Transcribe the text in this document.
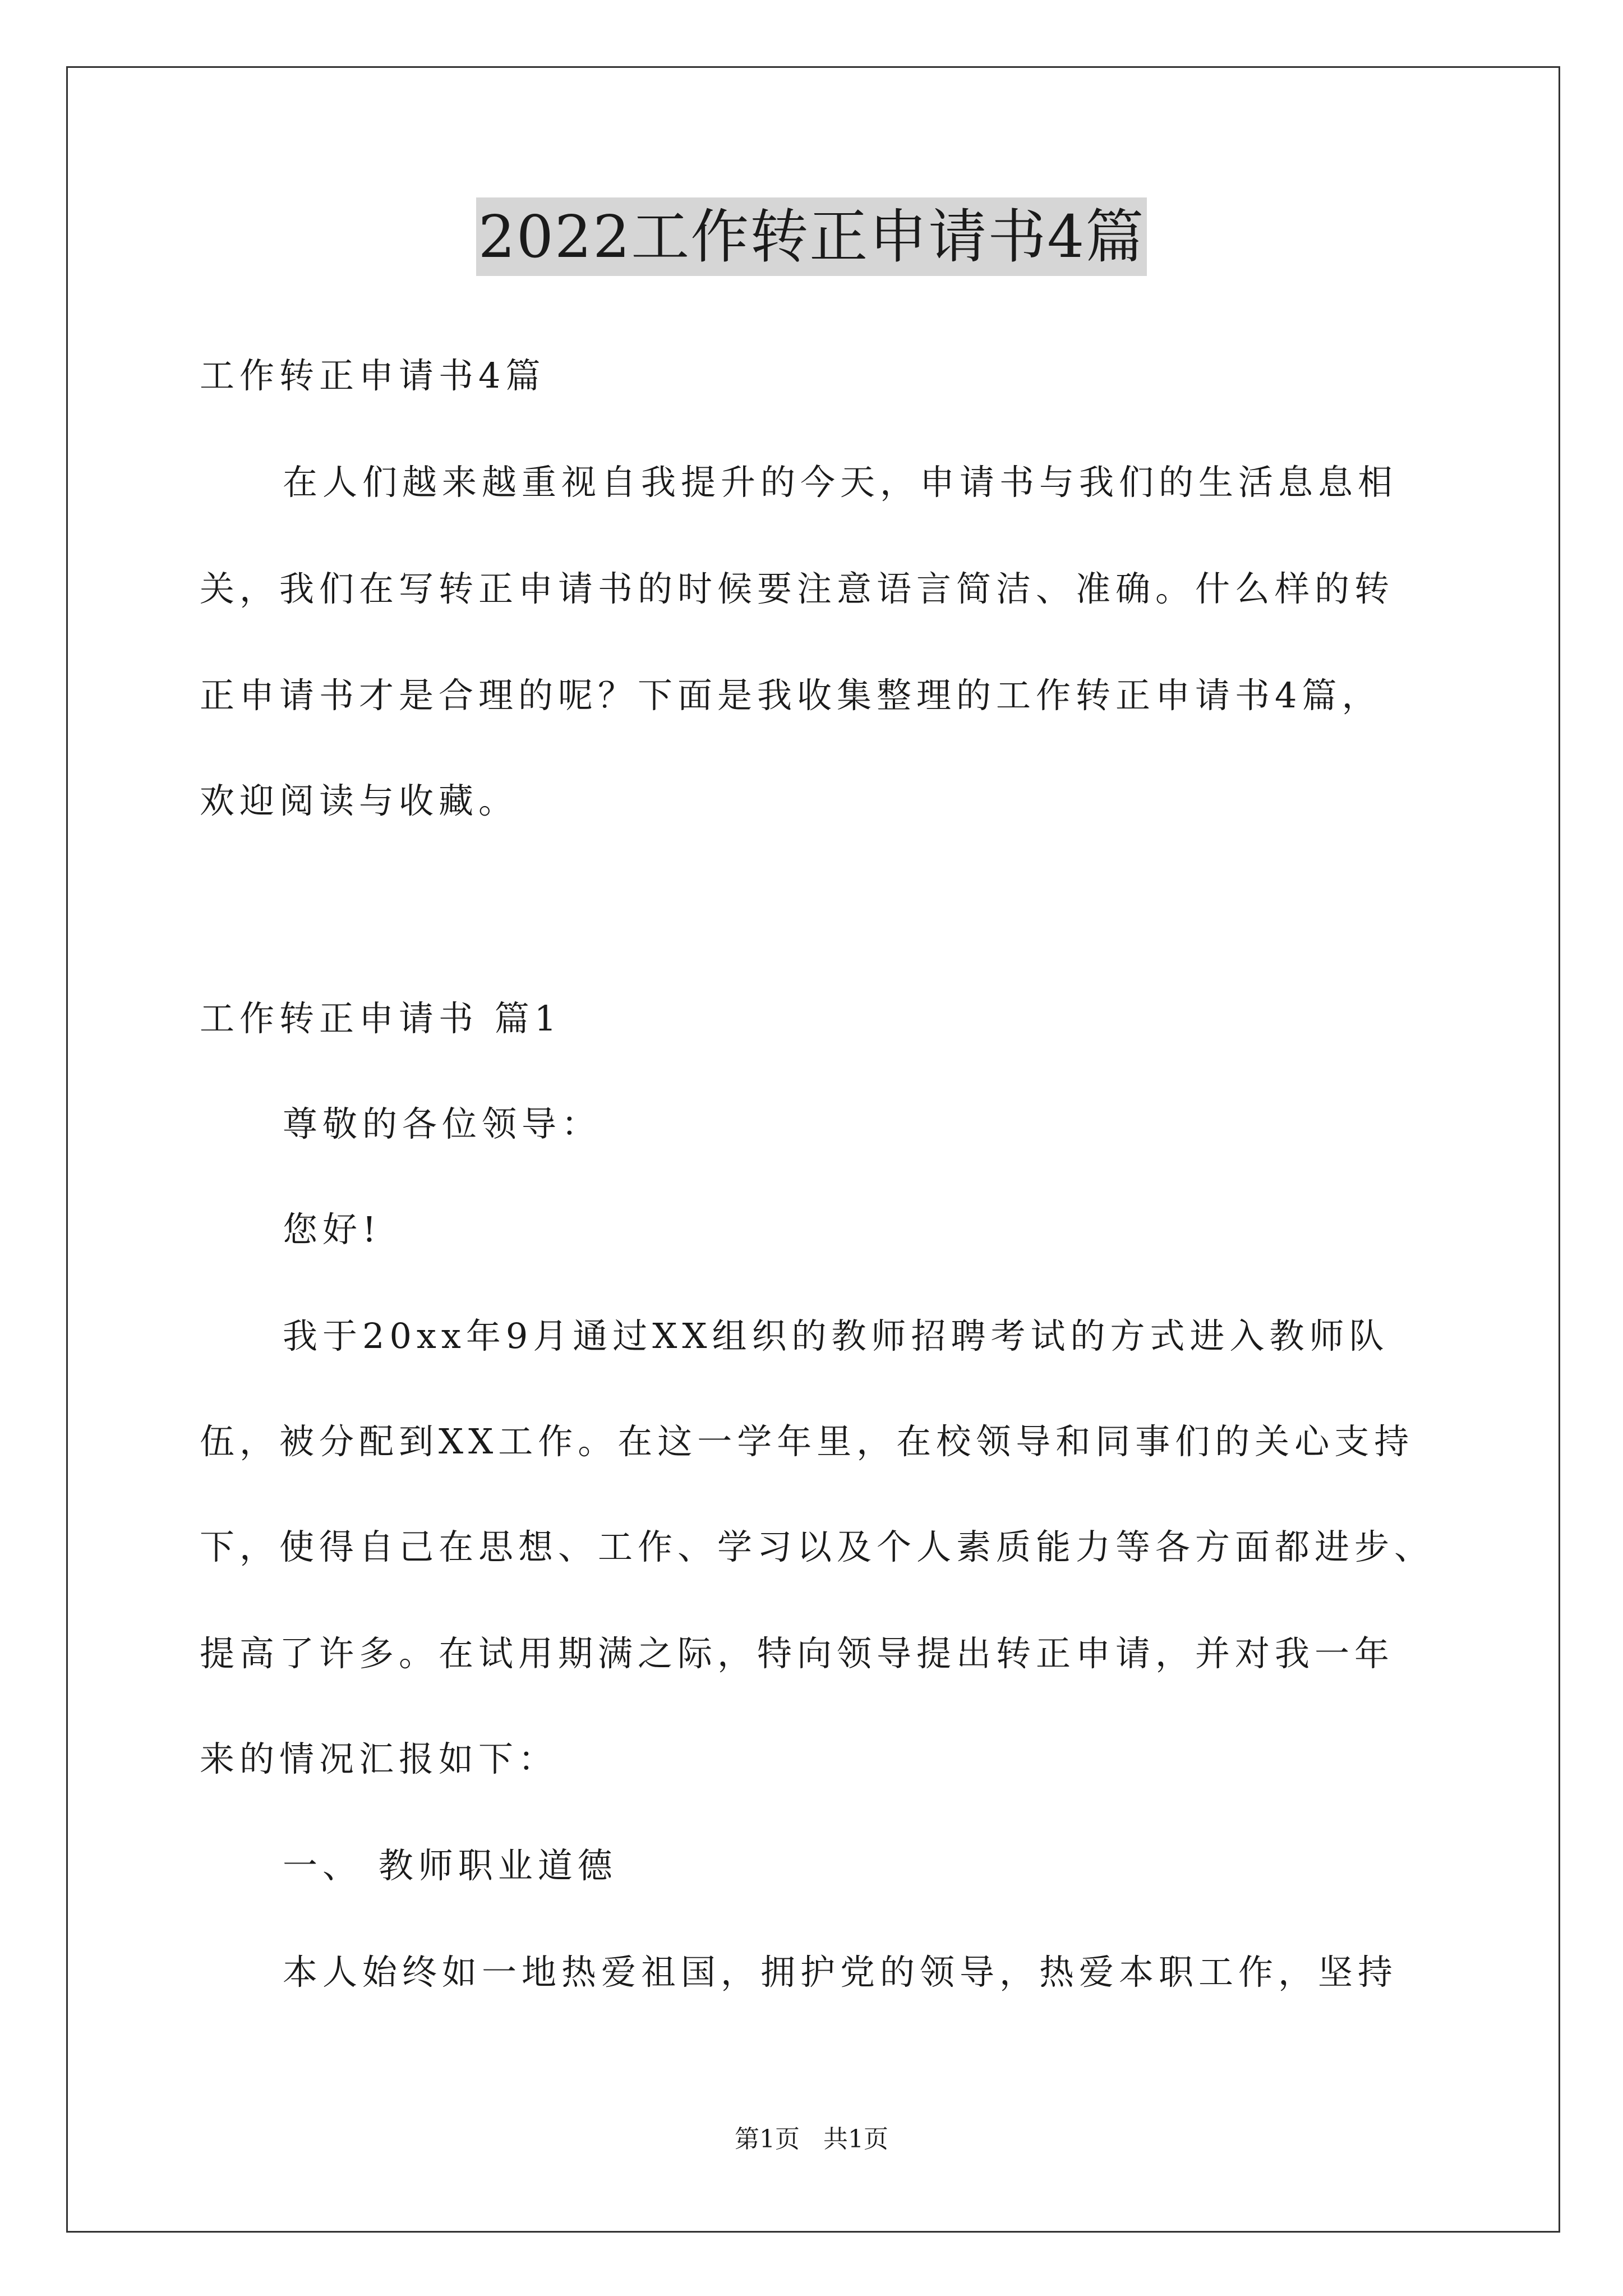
2022工作转正申请书4篇
工作转正申请书4篇
在人们越来越重视自我提升的今天，申请书与我们的生活息息相
关，我们在写转正申请书的时候要注意语言简洁、准确。什么样的转
正申请书才是合理的呢？下面是我收集整理的工作转正申请书4篇，
欢迎阅读与收藏。
工作转正申请书 篇1
尊敬的各位领导：
您好!
我于20xx年9月通过XX组织的教师招聘考试的方式进入教师队
伍，被分配到XX工作。在这一学年里，在校领导和同事们的关心支持
下，使得自己在思想、工作、学习以及个人素质能力等各方面都进步、
提高了许多。在试用期满之际，特向领导提出转正申请，并对我一年
来的情况汇报如下：
一、 教师职业道德
本人始终如一地热爱祖国，拥护党的领导，热爱本职工作，坚持
第1页   共1页
